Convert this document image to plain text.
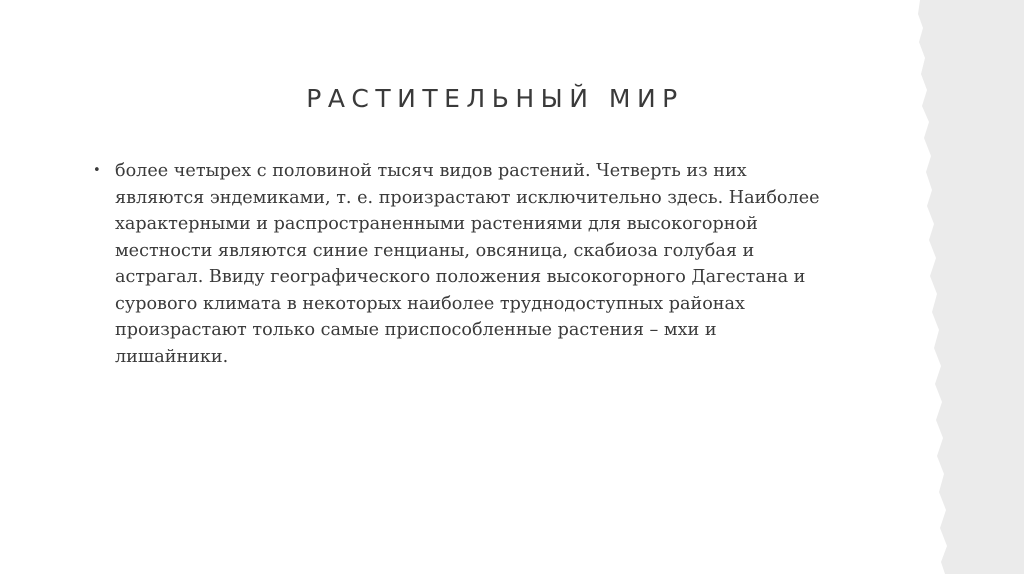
РАСТИТЕЛЬНЫЙ МИР
• более четырех с половиной тысяч видов растений. Четверть из них
являются эндемиками, т. е. произрастают исключительно здесь. Наиболее
характерными и распространенными растениями для высокогорной
местности являются синие генцианы, овсяница, скабиоза голубая и
астрагал. Ввиду географического положения высокогорного Дагестана и
сурового климата в некоторых наиболее труднодоступных районах
произрастают только самые приспособленные растения – мхи и
лишайники.
